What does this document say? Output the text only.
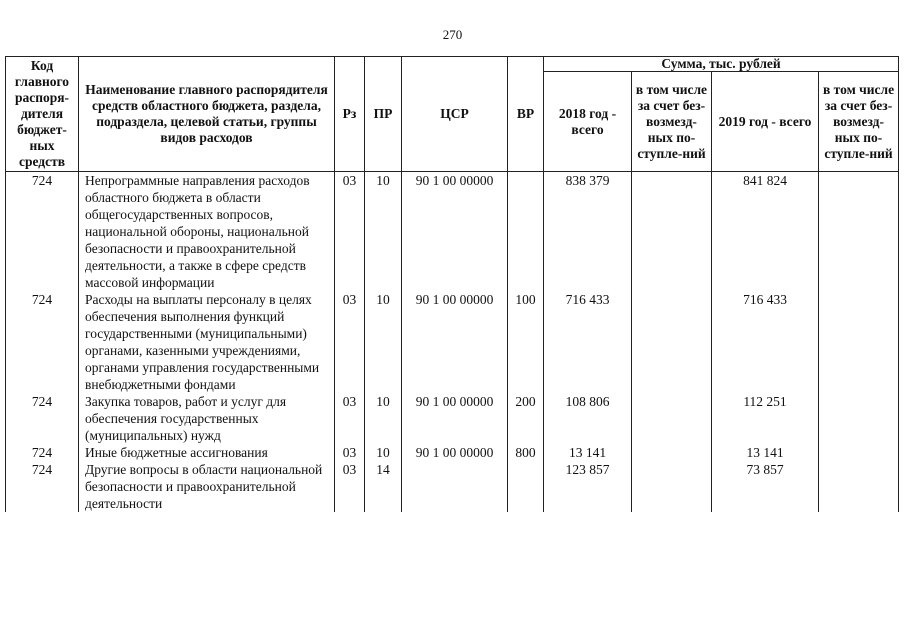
270
Код главного распоря-дителя бюджет-ных средств	Наименование главного распорядителя средств областного бюджета, раздела, подраздела, целевой статьи, группы видов расходов	Рз	ПР	ЦСР	ВР	Сумма, тыс. рублей			
						2018 год - всего	в том числе за счет без-возмезд-ных по-ступле-ний	2019 год - всего	в том числе за счет без-возмезд-ных по-ступле-ний
724	Непрограммные направления расходов областного бюджета в области общегосударственных вопросов, национальной обороны, национальной безопасности и правоохранительной деятельности, а также в сфере средств массовой информации	03	10	90 1 00 00000		838 379		841 824	
724	Расходы на выплаты персоналу в целях обеспечения выполнения функций государственными (муниципальными) органами, казенными учреждениями, органами управления государственными внебюджетными фондами	03	10	90 1 00 00000	100	716 433		716 433	
724	Закупка товаров, работ и услуг для обеспечения государственных (муниципальных) нужд	03	10	90 1 00 00000	200	108 806		112 251	
724	Иные бюджетные ассигнования	03	10	90 1 00 00000	800	13 141		13 141	
724	Другие вопросы в области национальной безопасности и правоохранительной деятельности	03	14			123 857		73 857	
